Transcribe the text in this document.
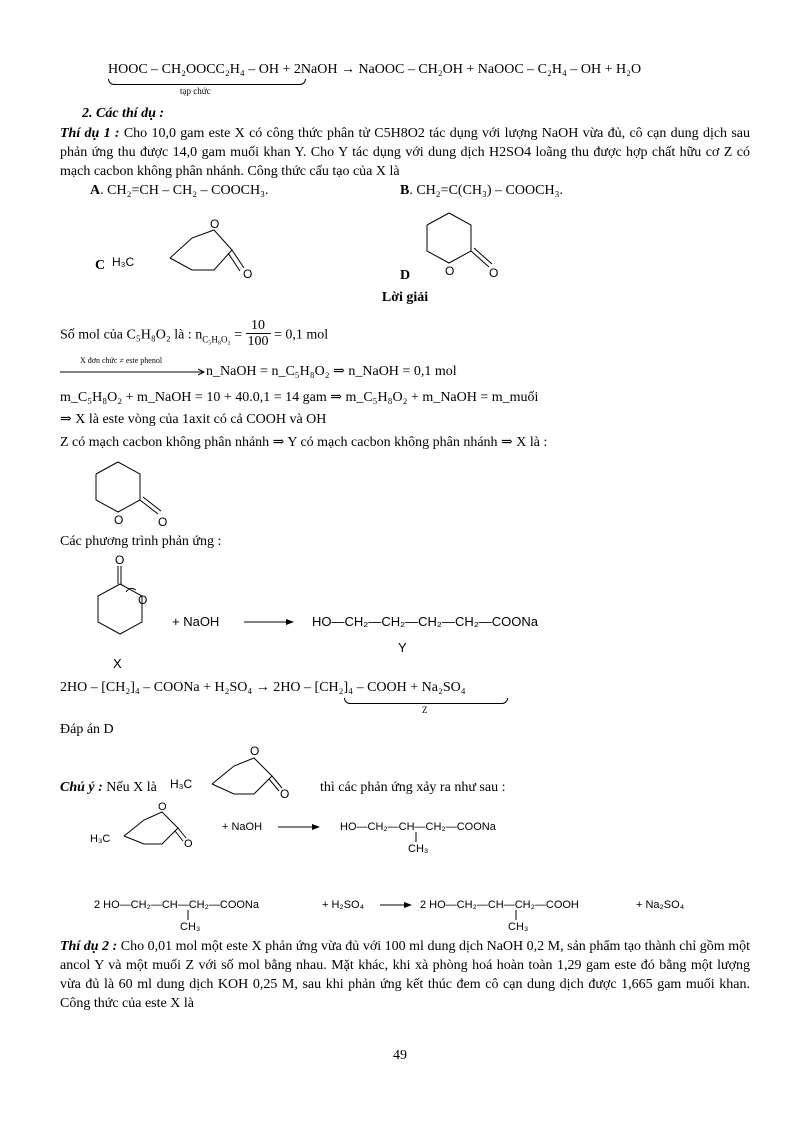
HOOC – CH₂OOCC₂H₄ – OH + 2NaOH → NaOOC – CH₂OH + NaOOC – C₂H₄ – OH + H₂O
tạp chức
2. Các thí dụ :
Thí dụ 1 : Cho 10,0 gam este X có công thức phân tử C5H8O2 tác dụng với lượng NaOH vừa đủ, cô cạn dung dịch sau phản ứng thu được 14,0 gam muối khan Y. Cho Y tác dụng với dung dịch H2SO4 loãng thu được hợp chất hữu cơ Z có mạch cacbon không phân nhánh. Công thức cấu tạo của X là
A. CH₂=CH – CH₂ – COOCH₃.	B. CH₂=C(CH₃) – COOCH₃.
C
O
O
H₃C
D	O	O
Lời giải
Số mol của C₅H₈O₂ là : $n_{C_5H_8O_2} = \frac{10}{100} = 0,1$ mol
X đơn chức ≠ este phenol
n_NaOH = n_C₅H₈O₂ ⇒ n_NaOH = 0,1 mol
m_C₅H₈O₂ + m_NaOH = 10 + 40.0,1 = 14 gam ⇒ m_C₅H₈O₂ + m_NaOH = m_muối
⇒ X là este vòng của 1axit có cả COOH và OH
Z có mạch cacbon không phân nhánh ⇒ Y có mạch cacbon không phân nhánh ⇒ X là :
O	O
Các phương trình phản ứng :
O
O
+ NaOH	HO—CH₂—CH₂—CH₂—CH₂—COONa
Y
X
2HO – [CH₂]₄ – COONa + H₂SO₄ → 2HO – [CH₂]₄ – COOH + Na₂SO₄
Z
Đáp án D
Chú ý : Nếu X là
O
O
H₃C	thì các phản ứng xảy ra như sau :
O
O
H₃C
+ NaOH	HO—CH₂—CH—CH₂—COONa
CH₃
2 HO—CH₂—CH—CH₂—COONa
CH₃
+ H₂SO₄	2 HO—CH₂—CH—CH₂—COOH
CH₃
+ Na₂SO₄
Thí dụ 2 : Cho 0,01 mol một este X phản ứng vừa đủ với 100 ml dung dịch NaOH 0,2 M, sản phẩm tạo thành chỉ gồm một ancol Y và một muối Z với số mol bằng nhau. Mặt khác, khi xà phòng hoá hoàn toàn 1,29 gam este đó bằng một lượng vừa đủ là 60 ml dung dịch KOH 0,25 M, sau khi phản ứng kết thúc đem cô cạn dung dịch được 1,665 gam muối khan. Công thức của este X là
49
